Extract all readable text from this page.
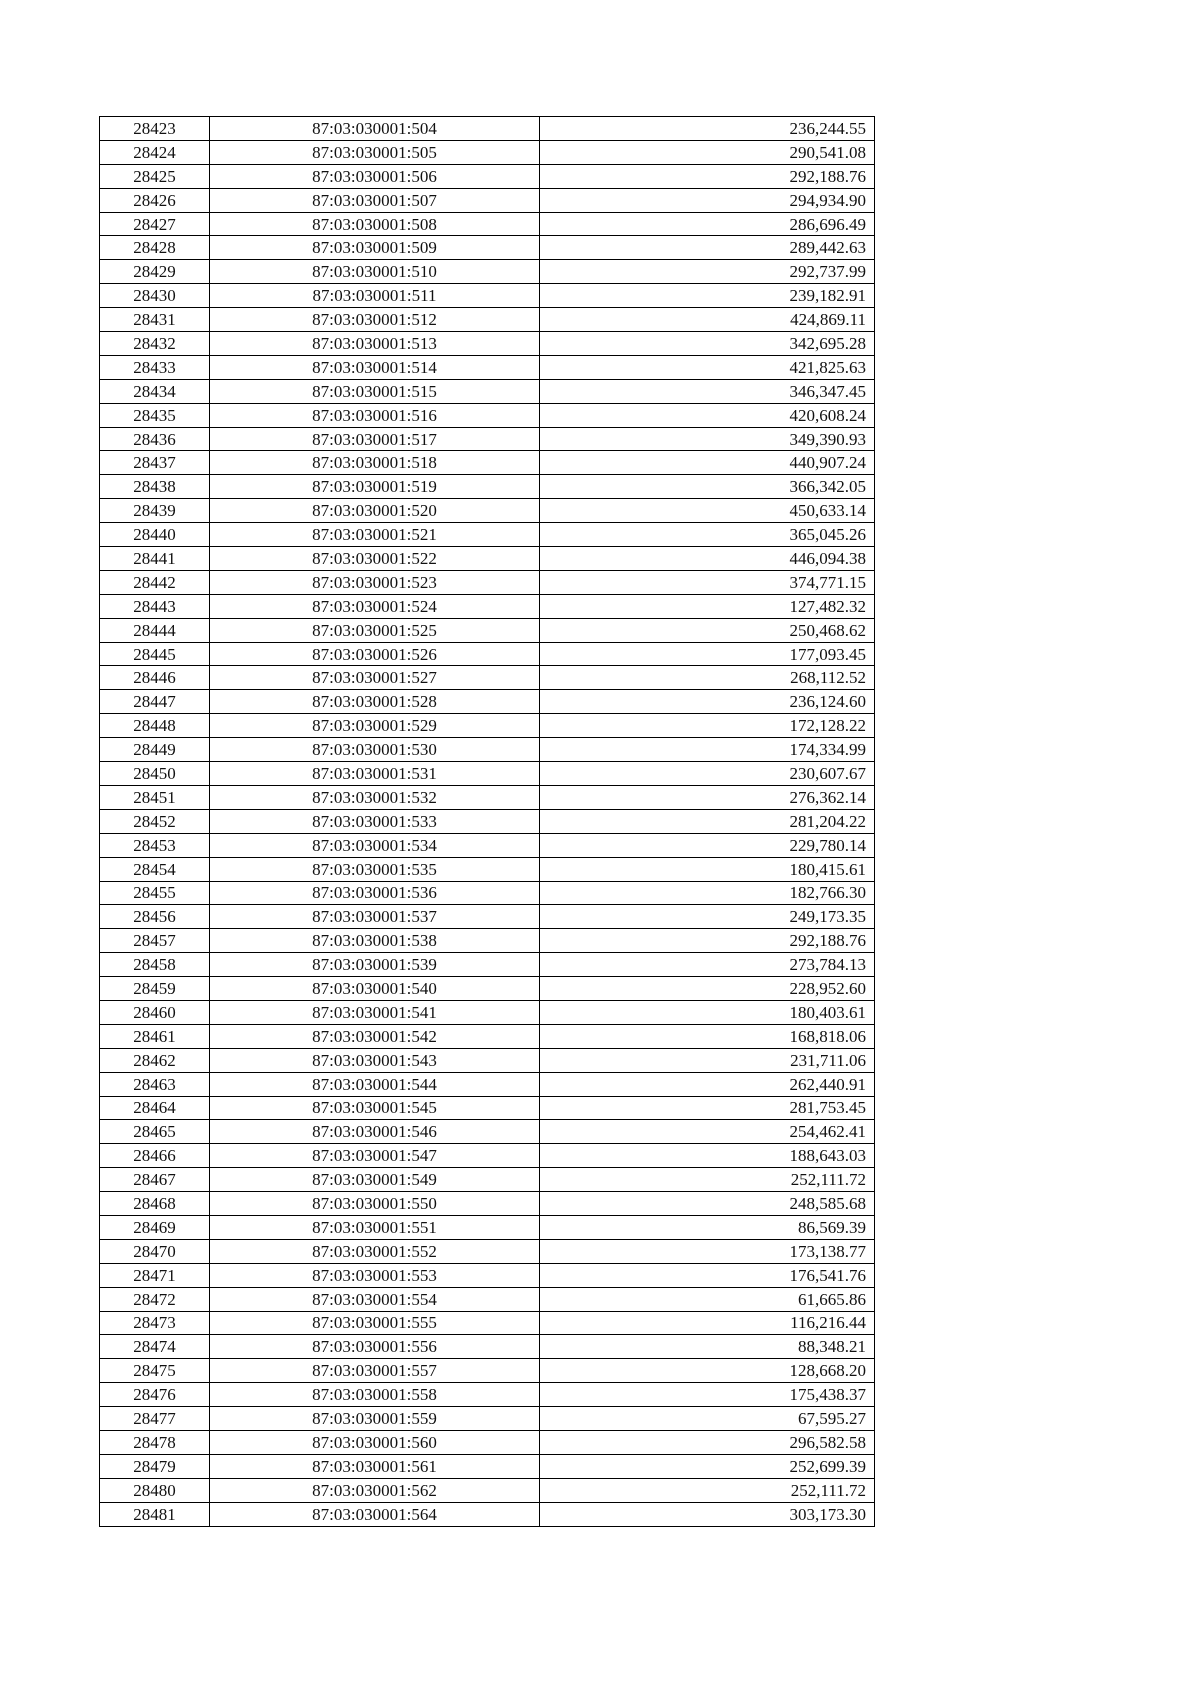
28423	87:03:030001:504	236,244.55
28424	87:03:030001:505	290,541.08
28425	87:03:030001:506	292,188.76
28426	87:03:030001:507	294,934.90
28427	87:03:030001:508	286,696.49
28428	87:03:030001:509	289,442.63
28429	87:03:030001:510	292,737.99
28430	87:03:030001:511	239,182.91
28431	87:03:030001:512	424,869.11
28432	87:03:030001:513	342,695.28
28433	87:03:030001:514	421,825.63
28434	87:03:030001:515	346,347.45
28435	87:03:030001:516	420,608.24
28436	87:03:030001:517	349,390.93
28437	87:03:030001:518	440,907.24
28438	87:03:030001:519	366,342.05
28439	87:03:030001:520	450,633.14
28440	87:03:030001:521	365,045.26
28441	87:03:030001:522	446,094.38
28442	87:03:030001:523	374,771.15
28443	87:03:030001:524	127,482.32
28444	87:03:030001:525	250,468.62
28445	87:03:030001:526	177,093.45
28446	87:03:030001:527	268,112.52
28447	87:03:030001:528	236,124.60
28448	87:03:030001:529	172,128.22
28449	87:03:030001:530	174,334.99
28450	87:03:030001:531	230,607.67
28451	87:03:030001:532	276,362.14
28452	87:03:030001:533	281,204.22
28453	87:03:030001:534	229,780.14
28454	87:03:030001:535	180,415.61
28455	87:03:030001:536	182,766.30
28456	87:03:030001:537	249,173.35
28457	87:03:030001:538	292,188.76
28458	87:03:030001:539	273,784.13
28459	87:03:030001:540	228,952.60
28460	87:03:030001:541	180,403.61
28461	87:03:030001:542	168,818.06
28462	87:03:030001:543	231,711.06
28463	87:03:030001:544	262,440.91
28464	87:03:030001:545	281,753.45
28465	87:03:030001:546	254,462.41
28466	87:03:030001:547	188,643.03
28467	87:03:030001:549	252,111.72
28468	87:03:030001:550	248,585.68
28469	87:03:030001:551	86,569.39
28470	87:03:030001:552	173,138.77
28471	87:03:030001:553	176,541.76
28472	87:03:030001:554	61,665.86
28473	87:03:030001:555	116,216.44
28474	87:03:030001:556	88,348.21
28475	87:03:030001:557	128,668.20
28476	87:03:030001:558	175,438.37
28477	87:03:030001:559	67,595.27
28478	87:03:030001:560	296,582.58
28479	87:03:030001:561	252,699.39
28480	87:03:030001:562	252,111.72
28481	87:03:030001:564	303,173.30
